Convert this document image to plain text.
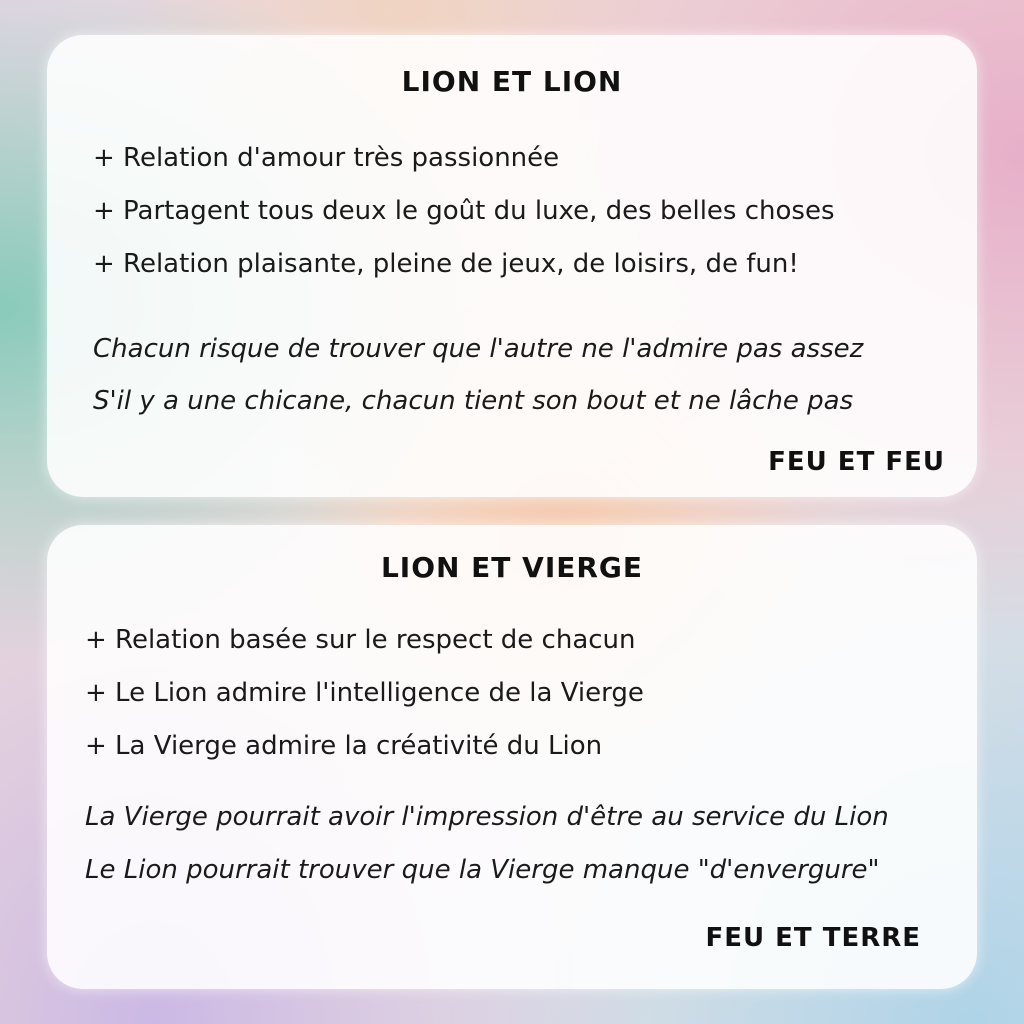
LION ET LION
+ Relation d'amour très passionnée
+ Partagent tous deux le goût du luxe, des belles choses
+ Relation plaisante, pleine de jeux, de loisirs, de fun!
Chacun risque de trouver que l'autre ne l'admire pas assez
S'il y a une chicane, chacun tient son bout et ne lâche pas
FEU ET FEU
LION ET VIERGE
+ Relation basée sur le respect de chacun
+ Le Lion admire l'intelligence de la Vierge
+ La Vierge admire la créativité du Lion
La Vierge pourrait avoir l'impression d'être au service du Lion
Le Lion pourrait trouver que la Vierge manque "d'envergure"
FEU ET TERRE
